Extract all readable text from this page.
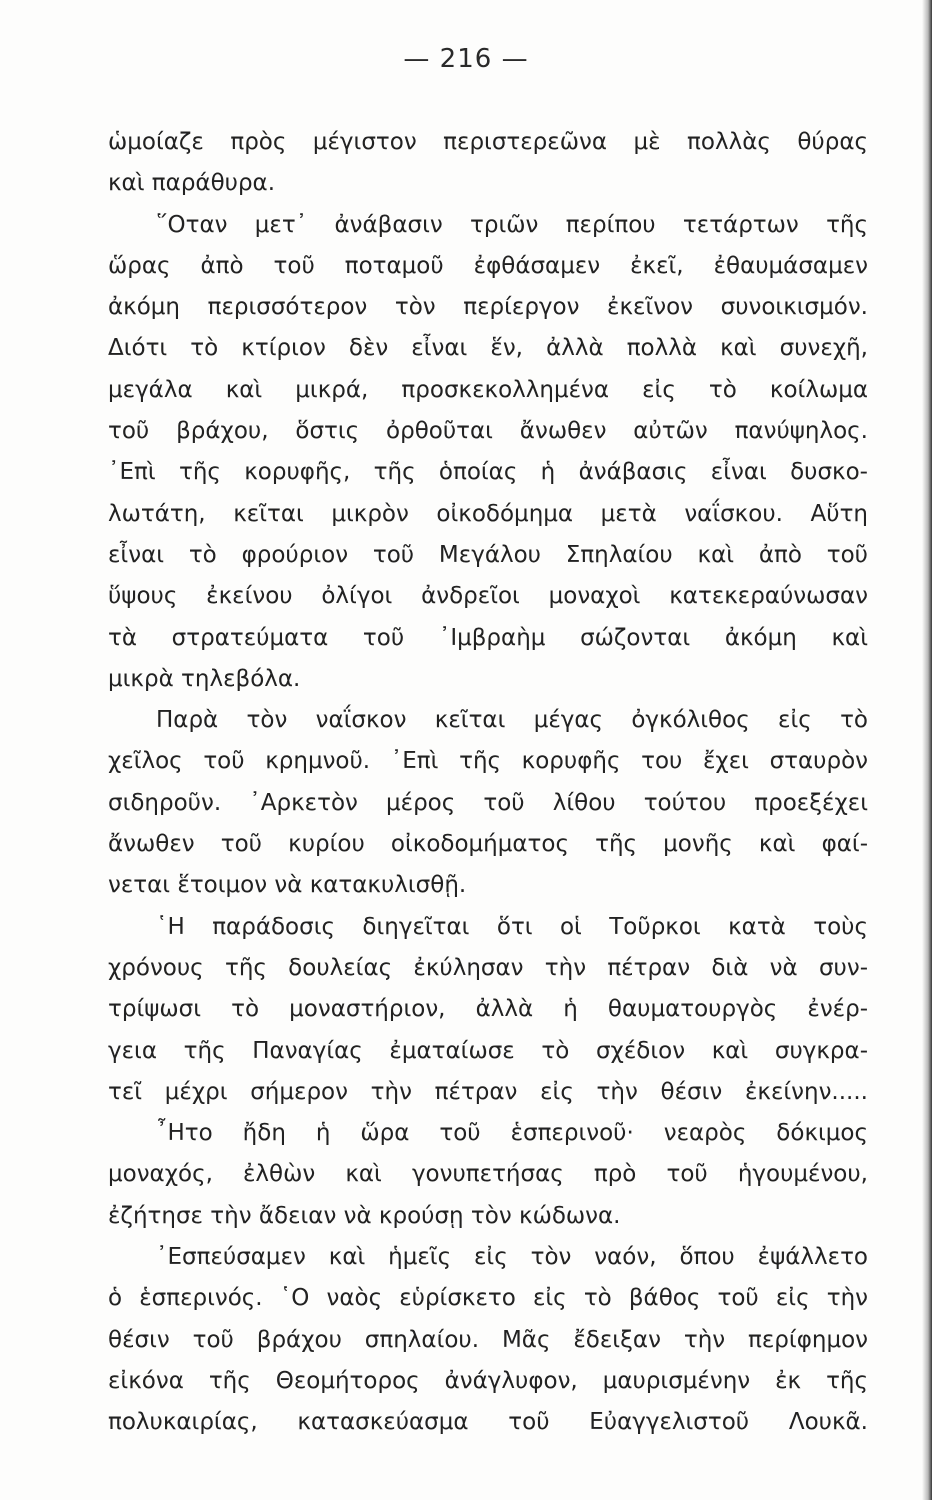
— 216 —
ὡμοίαζε πρὸς μέγιστον περιστερεῶνα μὲ πολλὰς θύρας
καὶ παράθυρα.
῞Οταν μετ᾽ ἀνάβασιν τριῶν περίπου τετάρτων τῆς
ὥρας ἀπὸ τοῦ ποταμοῦ ἐφθάσαμεν ἐκεῖ, ἐθαυμάσαμεν
ἀκόμη περισσότερον τὸν περίεργον ἐκεῖνον συνοικισμόν.
Διότι τὸ κτίριον δὲν εἶναι ἕν, ἀλλὰ πολλὰ καὶ συνεχῆ,
μεγάλα καὶ μικρά, προσκεκολλημένα εἰς τὸ κοίλωμα
τοῦ βράχου, ὅστις ὀρθοῦται ἄνωθεν αὐτῶν πανύψηλος.
᾽Επὶ τῆς κορυφῆς, τῆς ὁποίας ἡ ἀνάβασις εἶναι δυσκο-
λωτάτη, κεῖται μικρὸν οἰκοδόμημα μετὰ ναΐσκου. Αὕτη
εἶναι τὸ φρούριον τοῦ Μεγάλου Σπηλαίου καὶ ἀπὸ τοῦ
ὕψους ἐκείνου ὀλίγοι ἀνδρεῖοι μοναχοὶ κατεκεραύνωσαν
τὰ στρατεύματα τοῦ ᾽Ιμβραὴμ σώζονται ἀκόμη καὶ
μικρὰ τηλεβόλα.
Παρὰ τὸν ναΐσκον κεῖται μέγας ὀγκόλιθος εἰς τὸ
χεῖλος τοῦ κρημνοῦ. ᾽Επὶ τῆς κορυφῆς του ἔχει σταυρὸν
σιδηροῦν. ᾽Αρκετὸν μέρος τοῦ λίθου τούτου προεξέχει
ἄνωθεν τοῦ κυρίου οἰκοδομήματος τῆς μονῆς καὶ φαί-
νεται ἕτοιμον νὰ κατακυλισθῇ.
῾Η παράδοσις διηγεῖται ὅτι οἱ Τοῦρκοι κατὰ τοὺς
χρόνους τῆς δουλείας ἐκύλησαν τὴν πέτραν διὰ νὰ συν-
τρίψωσι τὸ μοναστήριον, ἀλλὰ ἡ θαυματουργὸς ἐνέρ-
γεια τῆς Παναγίας ἐματαίωσε τὸ σχέδιον καὶ συγκρα-
τεῖ μέχρι σήμερον τὴν πέτραν εἰς τὴν θέσιν ἐκείνην.....
῏Ητο ἤδη ἡ ὥρα τοῦ ἑσπερινοῦ· νεαρὸς δόκιμος
μοναχός, ἐλθὼν καὶ γονυπετήσας πρὸ τοῦ ἡγουμένου,
ἐζήτησε τὴν ἄδειαν νὰ κρούσῃ τὸν κώδωνα.
᾽Εσπεύσαμεν καὶ ἡμεῖς εἰς τὸν ναόν, ὅπου ἐψάλλετο
ὁ ἑσπερινός. ῾Ο ναὸς εὑρίσκετο εἰς τὸ βάθος τοῦ εἰς τὴν
θέσιν τοῦ βράχου σπηλαίου. Μᾶς ἔδειξαν τὴν περίφημον
εἰκόνα τῆς Θεομήτορος ἀνάγλυφον, μαυρισμένην ἐκ τῆς
πολυκαιρίας, κατασκεύασμα τοῦ Εὐαγγελιστοῦ Λουκᾶ.
